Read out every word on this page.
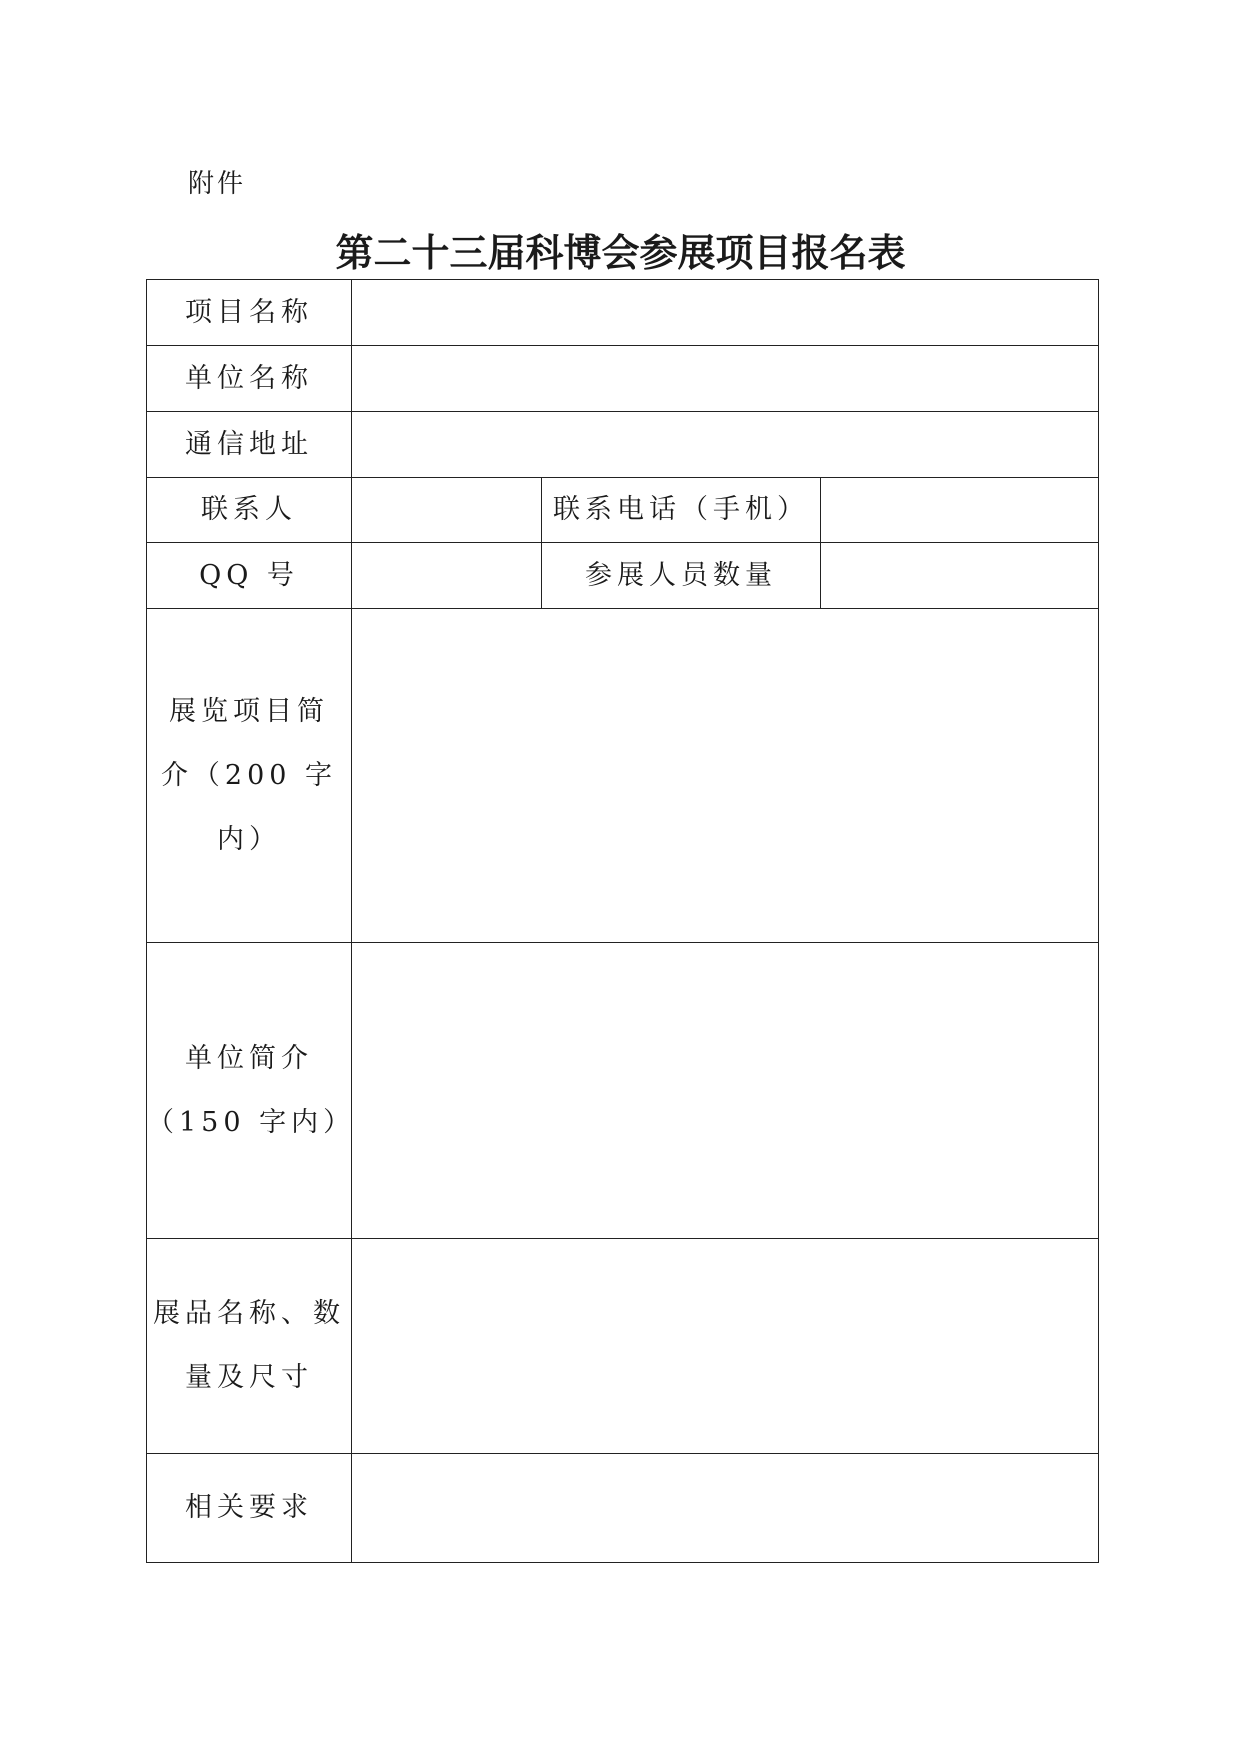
附件
第二十三届科博会参展项目报名表
项目名称			
单位名称			
通信地址			
联系人		联系电话（手机）	
QQ 号		参展人员数量	

展览项目简
介（200 字内）			

单位简介
（150 字内）			

展品名称、数
量及尺寸			

相关要求			
